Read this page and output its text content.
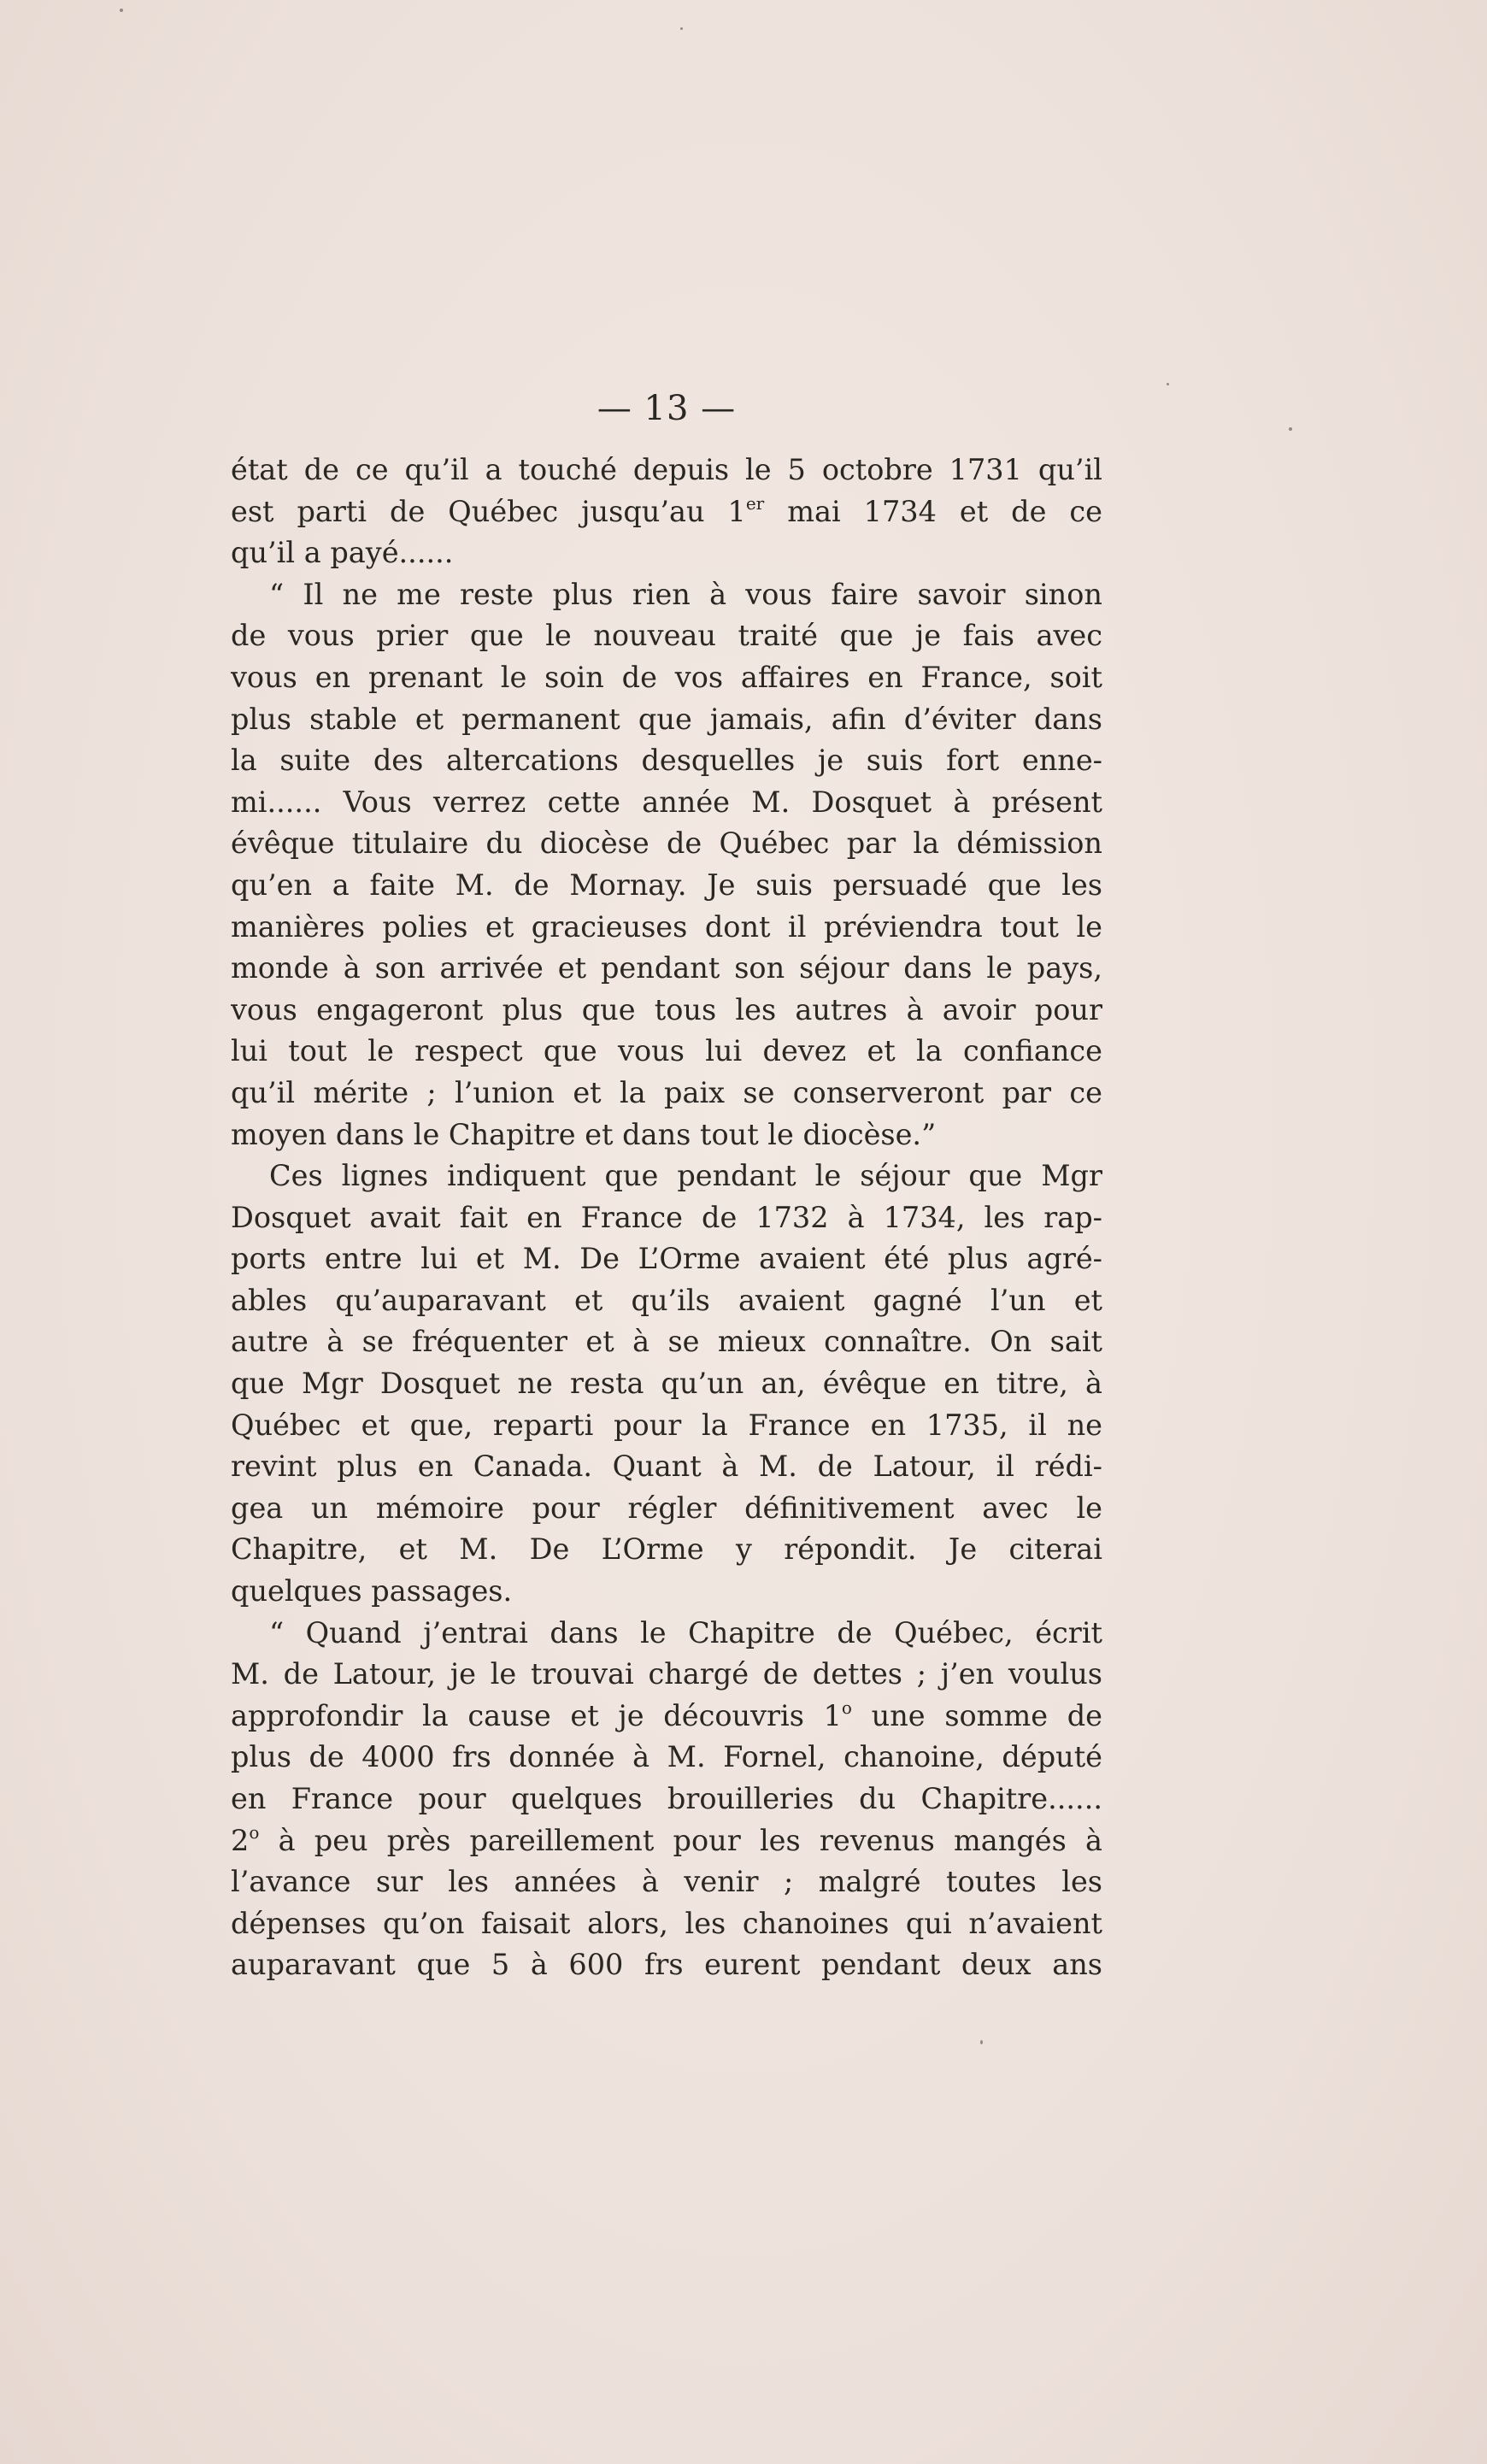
— 13 —
état de ce qu’il a touché depuis le 5 octobre 1731 qu’il
est parti de Québec jusqu’au 1er mai 1734 et de ce
qu’il a payé......
“ Il ne me reste plus rien à vous faire savoir sinon
de vous prier que le nouveau traité que je fais avec
vous en prenant le soin de vos affaires en France, soit
plus stable et permanent que jamais, afin d’éviter dans
la suite des altercations desquelles je suis fort enne-
mi...... Vous verrez cette année M. Dosquet à présent
évêque titulaire du diocèse de Québec par la démission
qu’en a faite M. de Mornay. Je suis persuadé que les
manières polies et gracieuses dont il préviendra tout le
monde à son arrivée et pendant son séjour dans le pays,
vous engageront plus que tous les autres à avoir pour
lui tout le respect que vous lui devez et la confiance
qu’il mérite ; l’union et la paix se conserveront par ce
moyen dans le Chapitre et dans tout le diocèse.”
Ces lignes indiquent que pendant le séjour que Mgr
Dosquet avait fait en France de 1732 à 1734, les rap-
ports entre lui et M. De L’Orme avaient été plus agré-
ables qu’auparavant et qu’ils avaient gagné l’un et
autre à se fréquenter et à se mieux connaître. On sait
que Mgr Dosquet ne resta qu’un an, évêque en titre, à
Québec et que, reparti pour la France en 1735, il ne
revint plus en Canada. Quant à M. de Latour, il rédi-
gea un mémoire pour régler définitivement avec le
Chapitre, et M. De L’Orme y répondit. Je citerai
quelques passages.
“ Quand j’entrai dans le Chapitre de Québec, écrit
M. de Latour, je le trouvai chargé de dettes ; j’en voulus
approfondir la cause et je découvris 1$^o$ une somme de
plus de 4000 frs donnée à M. Fornel, chanoine, député
en France pour quelques brouilleries du Chapitre......
2$^o$ à peu près pareillement pour les revenus mangés à
l’avance sur les années à venir ; malgré toutes les
dépenses qu’on faisait alors, les chanoines qui n’avaient
auparavant que 5 à 600 frs eurent pendant deux ans
